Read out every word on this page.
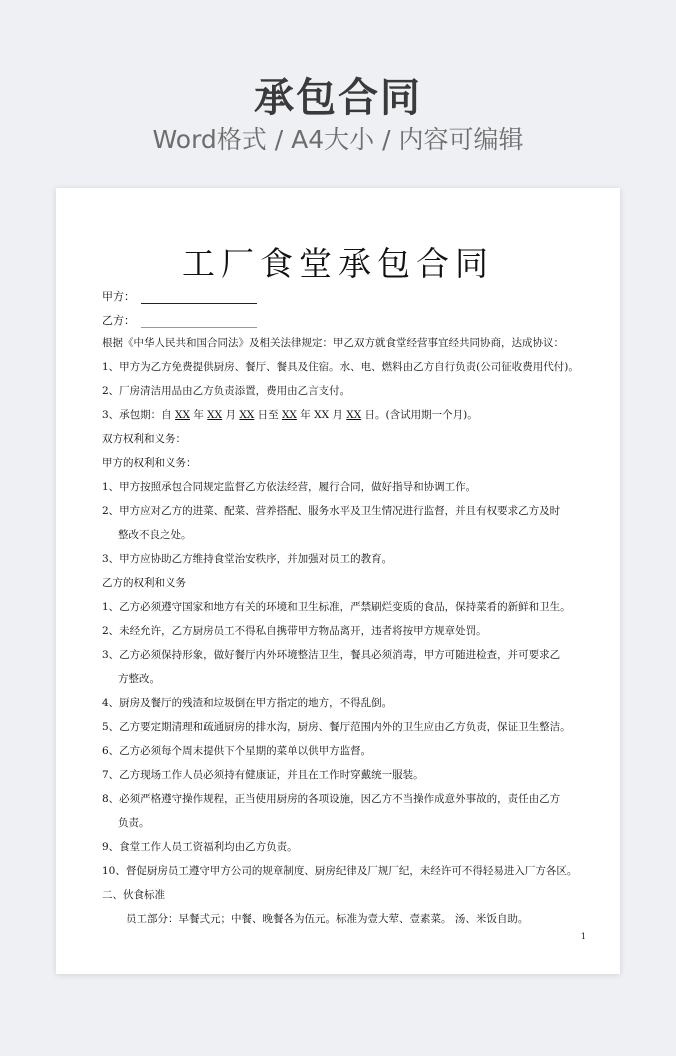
承包合同
Word格式 / A4大小 / 内容可编辑
工厂食堂承包合同
甲方：
乙方：
根据《中华人民共和国合同法》及相关法律规定：甲乙双方就食堂经营事宜经共同协商，达成协议：
1、甲方为乙方免费提供厨房、餐厅、餐具及住宿。水、电、燃料由乙方自行负责(公司征收费用代付)。
2、厂房清洁用品由乙方负责添置，费用由乙言支付。
3、承包期：自 XX 年 XX 月 XX 日至 XX 年 XX 月 XX 日。(含试用期一个月)。
双方权利和义务：
甲方的权利和义务：
1、甲方按照承包合同规定监督乙方依法经营，履行合同，做好指导和协调工作。
2、甲方应对乙方的进菜、配菜、营养搭配、服务水平及卫生情况进行监督，并且有权要求乙方及时
整改不良之处。
3、甲方应协助乙方维持食堂治安秩序，并加强对员工的教育。
乙方的权利和义务
1、乙方必须遵守国家和地方有关的环境和卫生标准，严禁刷烂变质的食品，保持菜肴的新鲜和卫生。
2、未经允许，乙方厨房员工不得私自携带甲方物品离开，违者将按甲方规章处罚。
3、乙方必须保持形象，做好餐厅内外环境整洁卫生，餐具必须消毒，甲方可随进检查，并可要求乙
方整改。
4、厨房及餐厅的残渣和垃圾倒在甲方指定的地方，不得乱倒。
5、乙方要定期清理和疏通厨房的排水沟，厨房、餐厅范围内外的卫生应由乙方负责，保证卫生整洁。
6、乙方必须每个周末提供下个星期的菜单以供甲方监督。
7、乙方现场工作人员必须持有健康证，并且在工作时穿戴统一服装。
8、必须严格遵守操作规程，正当使用厨房的各项设施，因乙方不当操作成意外事故的，责任由乙方
负责。
9、食堂工作人员工资福利均由乙方负责。
10、督促厨房员工遵守甲方公司的规章制度、厨房纪律及厂规厂纪，未经许可不得轻易进入厂方各区。
二、伙食标准
员工部分：早餐弍元；中餐、晚餐各为伍元。标准为壹大荤、壹素菜。 汤、米饭自助。
1
